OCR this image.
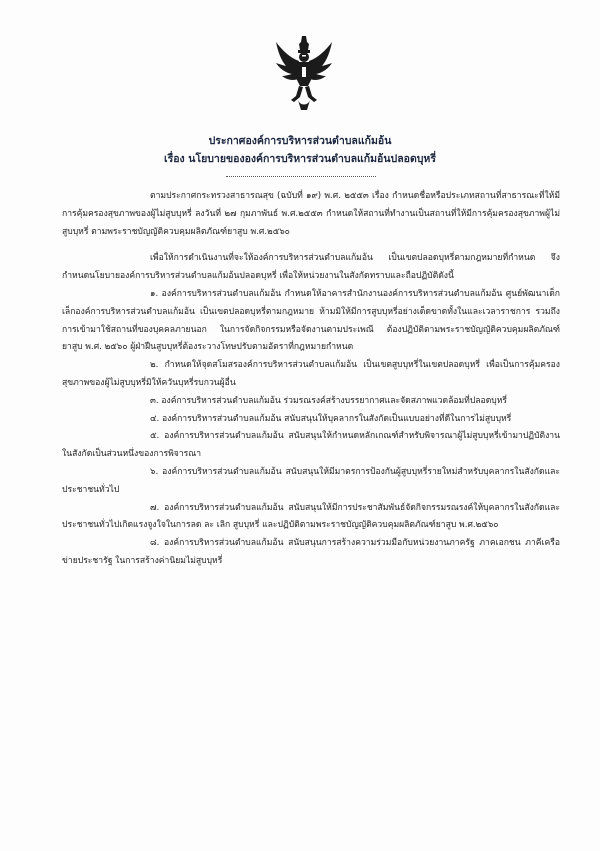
ประกาศองค์การบริหารส่วนตำบลแก้มอ้น
เรื่อง นโยบายขององค์การบริหารส่วนตำบลแก้มอ้นปลอดบุหรี่

ตามประกาศกระทรวงสาธารณสุข (ฉบับที่ ๑๙) พ.ศ. ๒๕๕๓ เรื่อง กำหนดชื่อหรือประเภทสถานที่สาธารณะที่ให้มีการคุ้มครองสุขภาพของผู้ไม่สูบบุหรี่ ลงวันที่ ๒๗ กุมภาพันธ์ พ.ศ.๒๕๕๓ กำหนดให้สถานที่ทำงานเป็นสถานที่ให้มีการคุ้มครองสุขภาพผู้ไม่สูบบุหรี่ ตามพระราชบัญญัติควบคุมผลิตภัณฑ์ยาสูบ พ.ศ.๒๕๖๐

เพื่อให้การดำเนินงานที่จะให้องค์การบริหารส่วนตำบลแก้มอ้น เป็นเขตปลอดบุหรี่ตามกฎหมายที่กำหนด จึงกำหนดนโยบายองค์การบริหารส่วนตำบลแก้มอ้นปลอดบุหรี่ เพื่อให้หน่วยงานในสังกัดทราบและถือปฏิบัติดังนี้

๑. องค์การบริหารส่วนตำบลแก้มอ้น กำหนดให้อาคารสำนักงานองค์การบริหารส่วนตำบลแก้มอ้น ศูนย์พัฒนาเด็กเล็กองค์การบริหารส่วนตำบลแก้มอ้น เป็นเขตปลอดบุหรี่ตามกฎหมาย ห้ามมิให้มีการสูบบุหรี่อย่างเด็ดขาดทั้งในและเวลาราชการ รวมถึงการเข้ามาใช้สถานที่ของบุคคลภายนอก ในการจัดกิจกรรมหรือจัดงานตามประเพณี ต้องปฏิบัติตามพระราชบัญญัติควบคุมผลิตภัณฑ์ยาสูบ พ.ศ. ๒๕๖๐ ผู้ฝ่าฝืนสูบบุหรี่ต้องระวางโทษปรับตามอัตราที่กฎหมายกำหนด

๒. กำหนดให้จุดสโมสรองค์การบริหารส่วนตำบลแก้มอ้น เป็นเขตสูบบุหรี่ในเขตปลอดบุหรี่ เพื่อเป็นการคุ้มครองสุขภาพของผู้ไม่สูบบุหรี่มิให้ควันบุหรี่รบกวนผู้อื่น

๓. องค์การบริหารส่วนตำบลแก้มอ้น ร่วมรณรงค์สร้างบรรยากาศและจัดสภาพแวดล้อมที่ปลอดบุหรี่

๔. องค์การบริหารส่วนตำบลแก้มอ้น สนับสนุนให้บุคลากรในสังกัดเป็นแบบอย่างที่ดีในการไม่สูบบุหรี่

๕. องค์การบริหารส่วนตำบลแก้มอ้น สนับสนุนให้กำหนดหลักเกณฑ์สำหรับพิจารณาผู้ไม่สูบบุหรี่เข้ามาปฏิบัติงานในสังกัดเป็นส่วนหนึ่งของการพิจารณา

๖. องค์การบริหารส่วนตำบลแก้มอ้น สนับสนุนให้มีมาตรการป้องกันผู้สูบบุหรี่รายใหม่สำหรับบุคลากรในสังกัดและประชาชนทั่วไป

๗. องค์การบริหารส่วนตำบลแก้มอ้น สนับสนุนให้มีการประชาสัมพันธ์จัดกิจกรรมรณรงค์ให้บุคลากรในสังกัดและประชาชนทั่วไปเกิดแรงจูงใจในการลด ละ เลิก สูบบุหรี่ และปฏิบัติตามพระราชบัญญัติควบคุมผลิตภัณฑ์ยาสูบ พ.ศ.๒๕๖๐

๘. องค์การบริหารส่วนตำบลแก้มอ้น สนับสนุนการสร้างความร่วมมือกับหน่วยงานภาครัฐ ภาคเอกชน ภาคีเครือข่ายประชารัฐ ในการสร้างค่านิยมไม่สูบบุหรี่
